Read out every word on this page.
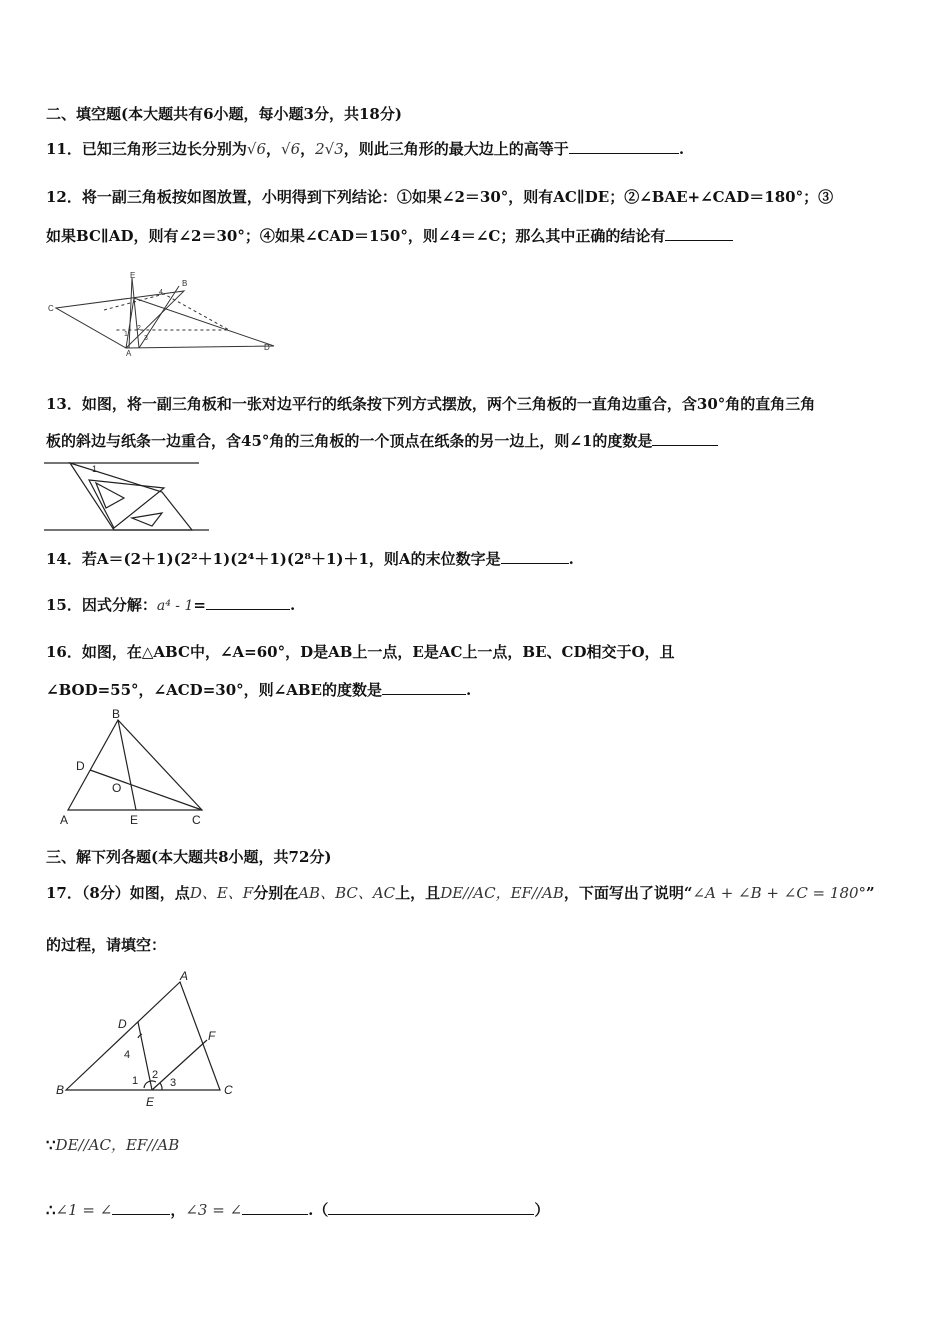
二、填空题(本大题共有6小题，每小题3分，共18分)
11．已知三角形三边长分别为√6，√6，2√3，则此三角形的最大边上的高等于	.
12．将一副三角板按如图放置，小明得到下列结论：①如果∠2＝30°，则有AC∥DE；②∠BAE+∠CAD＝180°；③
如果BC∥AD，则有∠2＝30°；④如果∠CAD＝150°，则∠4＝∠C；那么其中正确的结论有
E
B
C
D
A
1
2
3
4
13．如图，将一副三角板和一张对边平行的纸条按下列方式摆放，两个三角板的一直角边重合，含30°角的直角三角
板的斜边与纸条一边重合，含45°角的三角板的一个顶点在纸条的另一边上，则∠1的度数是
1
14．若A＝(2＋1)(2²＋1)(2⁴＋1)(2⁸＋1)＋1，则A的末位数字是	.
15．因式分解：a⁴ - 1=	.
16．如图，在△ABC中，∠A=60°，D是AB上一点，E是AC上一点，BE、CD相交于O，且
∠BOD=55°，∠ACD=30°，则∠ABE的度数是	.
A
B
C
D
E
O
三、解下列各题(本大题共8小题，共72分)
17．（8分）如图，点D、E、F分别在AB、BC、AC上，且DE//AC，EF//AB，下面写出了说明“∠A + ∠B + ∠C = 180°”
的过程，请填空：
A
B	C
D
E
F
1 2
3
4
∵DE//AC，EF//AB
∴∠1 = ∠	，∠3 = ∠	.（	）
